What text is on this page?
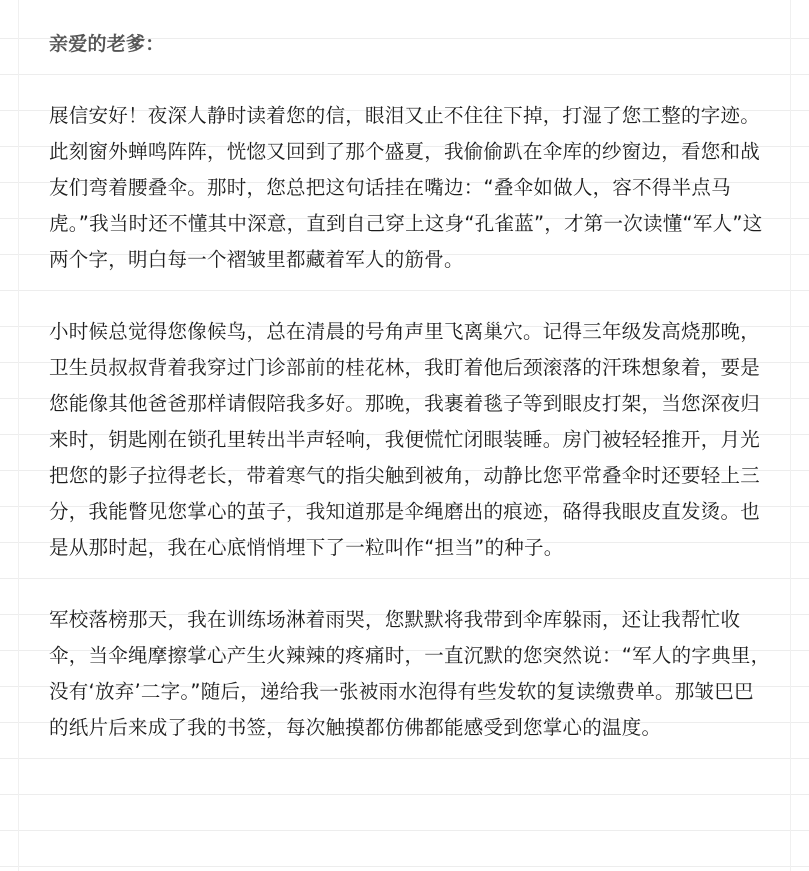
亲爱的老爹：

展信安好！夜深人静时读着您的信，眼泪又止不住往下掉，打湿了您工整的字迹。此刻窗外蝉鸣阵阵，恍惚又回到了那个盛夏，我偷偷趴在伞库的纱窗边，看您和战友们弯着腰叠伞。那时，您总把这句话挂在嘴边：“叠伞如做人，容不得半点马虎。”我当时还不懂其中深意，直到自己穿上这身“孔雀蓝”，才第一次读懂“军人”这两个字，明白每一个褶皱里都藏着军人的筋骨。

小时候总觉得您像候鸟，总在清晨的号角声里飞离巢穴。记得三年级发高烧那晚，卫生员叔叔背着我穿过门诊部前的桂花林，我盯着他后颈滚落的汗珠想象着，要是您能像其他爸爸那样请假陪我多好。那晚，我裹着毯子等到眼皮打架，当您深夜归来时，钥匙刚在锁孔里转出半声轻响，我便慌忙闭眼装睡。房门被轻轻推开，月光把您的影子拉得老长，带着寒气的指尖触到被角，动静比您平常叠伞时还要轻上三分，我能瞥见您掌心的茧子，我知道那是伞绳磨出的痕迹，硌得我眼皮直发烫。也是从那时起，我在心底悄悄埋下了一粒叫作“担当”的种子。

军校落榜那天，我在训练场淋着雨哭，您默默将我带到伞库躲雨，还让我帮忙收伞，当伞绳摩擦掌心产生火辣辣的疼痛时，一直沉默的您突然说：“军人的字典里，没有‘放弃’二字。”随后，递给我一张被雨水泡得有些发软的复读缴费单。那皱巴巴的纸片后来成了我的书签，每次触摸都仿佛都能感受到您掌心的温度。
